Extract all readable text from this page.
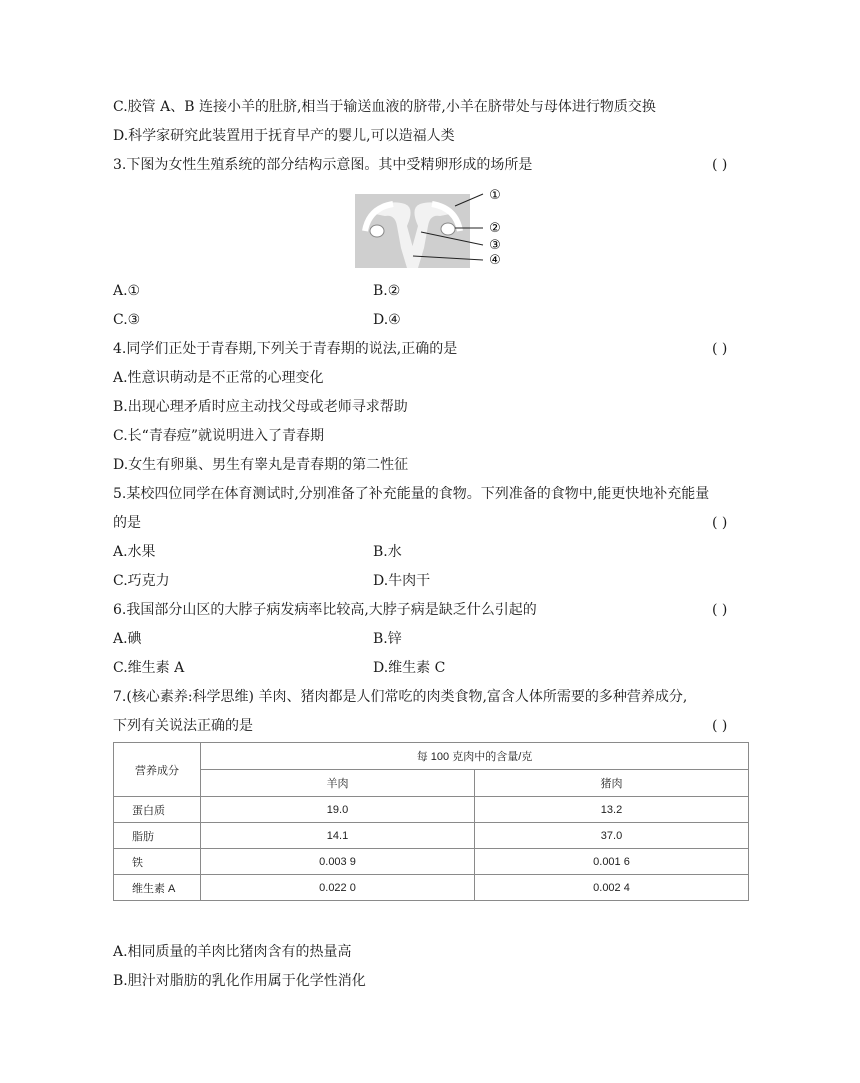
C.胶管 A、B 连接小羊的肚脐,相当于输送血液的脐带,小羊在脐带处与母体进行物质交换
D.科学家研究此装置用于抚育早产的婴儿,可以造福人类
3.下图为女性生殖系统的部分结构示意图。其中受精卵形成的场所是	( )
①
②
③
④
A.①	B.②
C.③	D.④
4.同学们正处于青春期,下列关于青春期的说法,正确的是	( )
A.性意识萌动是不正常的心理变化
B.出现心理矛盾时应主动找父母或老师寻求帮助
C.长“青春痘”就说明进入了青春期
D.女生有卵巢、男生有睾丸是青春期的第二性征
5.某校四位同学在体育测试时,分别准备了补充能量的食物。下列准备的食物中,能更快地补充能量
的是	( )
A.水果	B.水
C.巧克力	D.牛肉干
6.我国部分山区的大脖子病发病率比较高,大脖子病是缺乏什么引起的	( )
A.碘	B.锌
C.维生素 A	D.维生素 C
7.(核心素养:科学思维) 羊肉、猪肉都是人们常吃的肉类食物,富含人体所需要的多种营养成分,
下列有关说法正确的是	( )
营养成分	每 100 克肉中的含量/克	
	羊肉	猪肉
蛋白质	19.0	13.2
脂肪	14.1	37.0
铁	0.003 9	0.001 6
维生素 A	0.022 0	0.002 4
A.相同质量的羊肉比猪肉含有的热量高
B.胆汁对脂肪的乳化作用属于化学性消化
